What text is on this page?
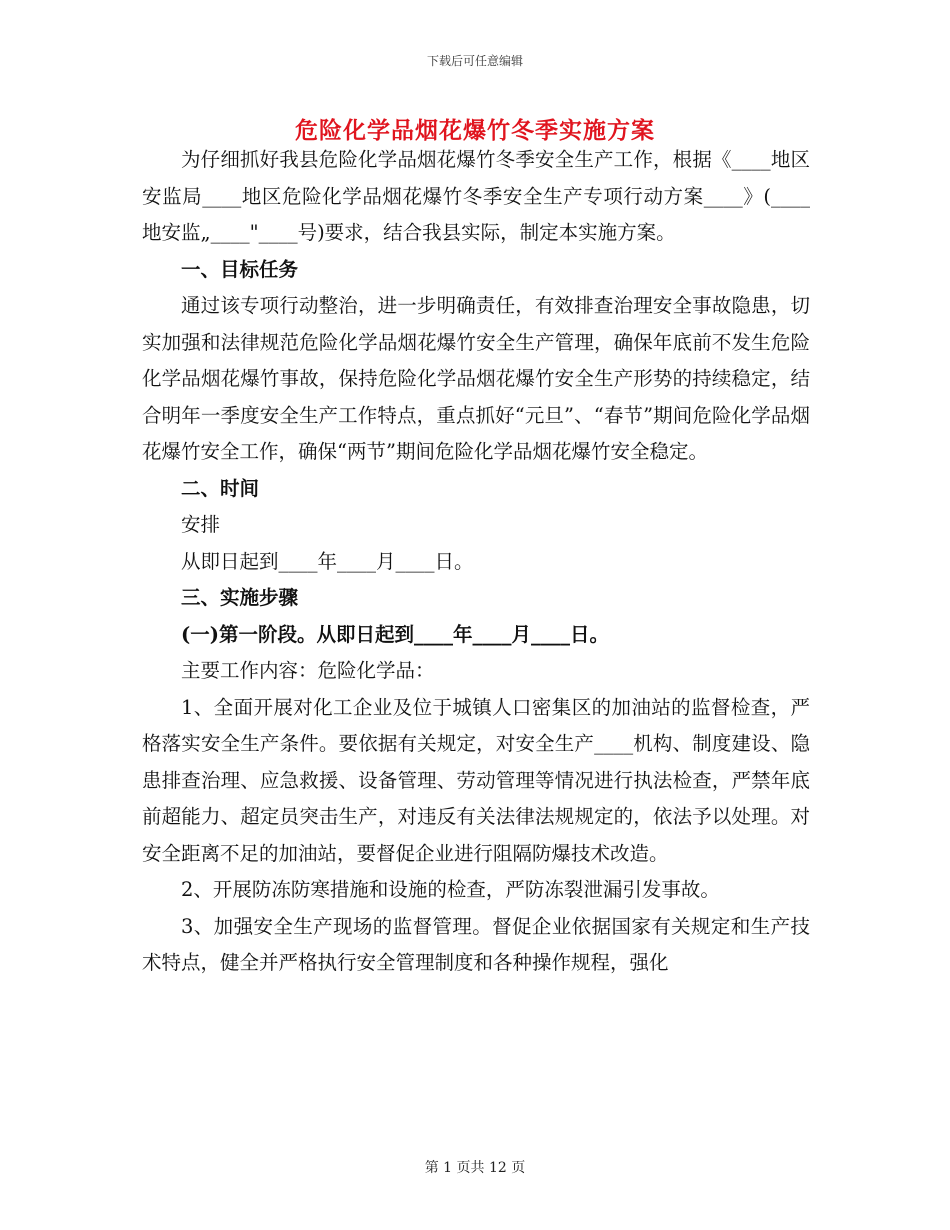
下载后可任意编辑
危险化学品烟花爆竹冬季实施方案

为仔细抓好我县危险化学品烟花爆竹冬季安全生产工作，根据《____地区安监局____地区危险化学品烟花爆竹冬季安全生产专项行动方案____》(____地安监„____"____号)要求，结合我县实际，制定本实施方案。

一、目标任务

通过该专项行动整治，进一步明确责任，有效排查治理安全事故隐患，切实加强和法律规范危险化学品烟花爆竹安全生产管理，确保年底前不发生危险化学品烟花爆竹事故，保持危险化学品烟花爆竹安全生产形势的持续稳定，结合明年一季度安全生产工作特点，重点抓好“元旦”、“春节”期间危险化学品烟花爆竹安全工作，确保“两节”期间危险化学品烟花爆竹安全稳定。

二、时间

安排

从即日起到____年____月____日。

三、实施步骤

(一)第一阶段。从即日起到____年____月____日。

主要工作内容：危险化学品：

1、全面开展对化工企业及位于城镇人口密集区的加油站的监督检查，严格落实安全生产条件。要依据有关规定，对安全生产____机构、制度建设、隐患排查治理、应急救援、设备管理、劳动管理等情况进行执法检查，严禁年底前超能力、超定员突击生产，对违反有关法律法规规定的，依法予以处理。对安全距离不足的加油站，要督促企业进行阻隔防爆技术改造。

2、开展防冻防寒措施和设施的检查，严防冻裂泄漏引发事故。

3、加强安全生产现场的监督管理。督促企业依据国家有关规定和生产技术特点，健全并严格执行安全管理制度和各种操作规程，强化

第 1 页共 12 页
